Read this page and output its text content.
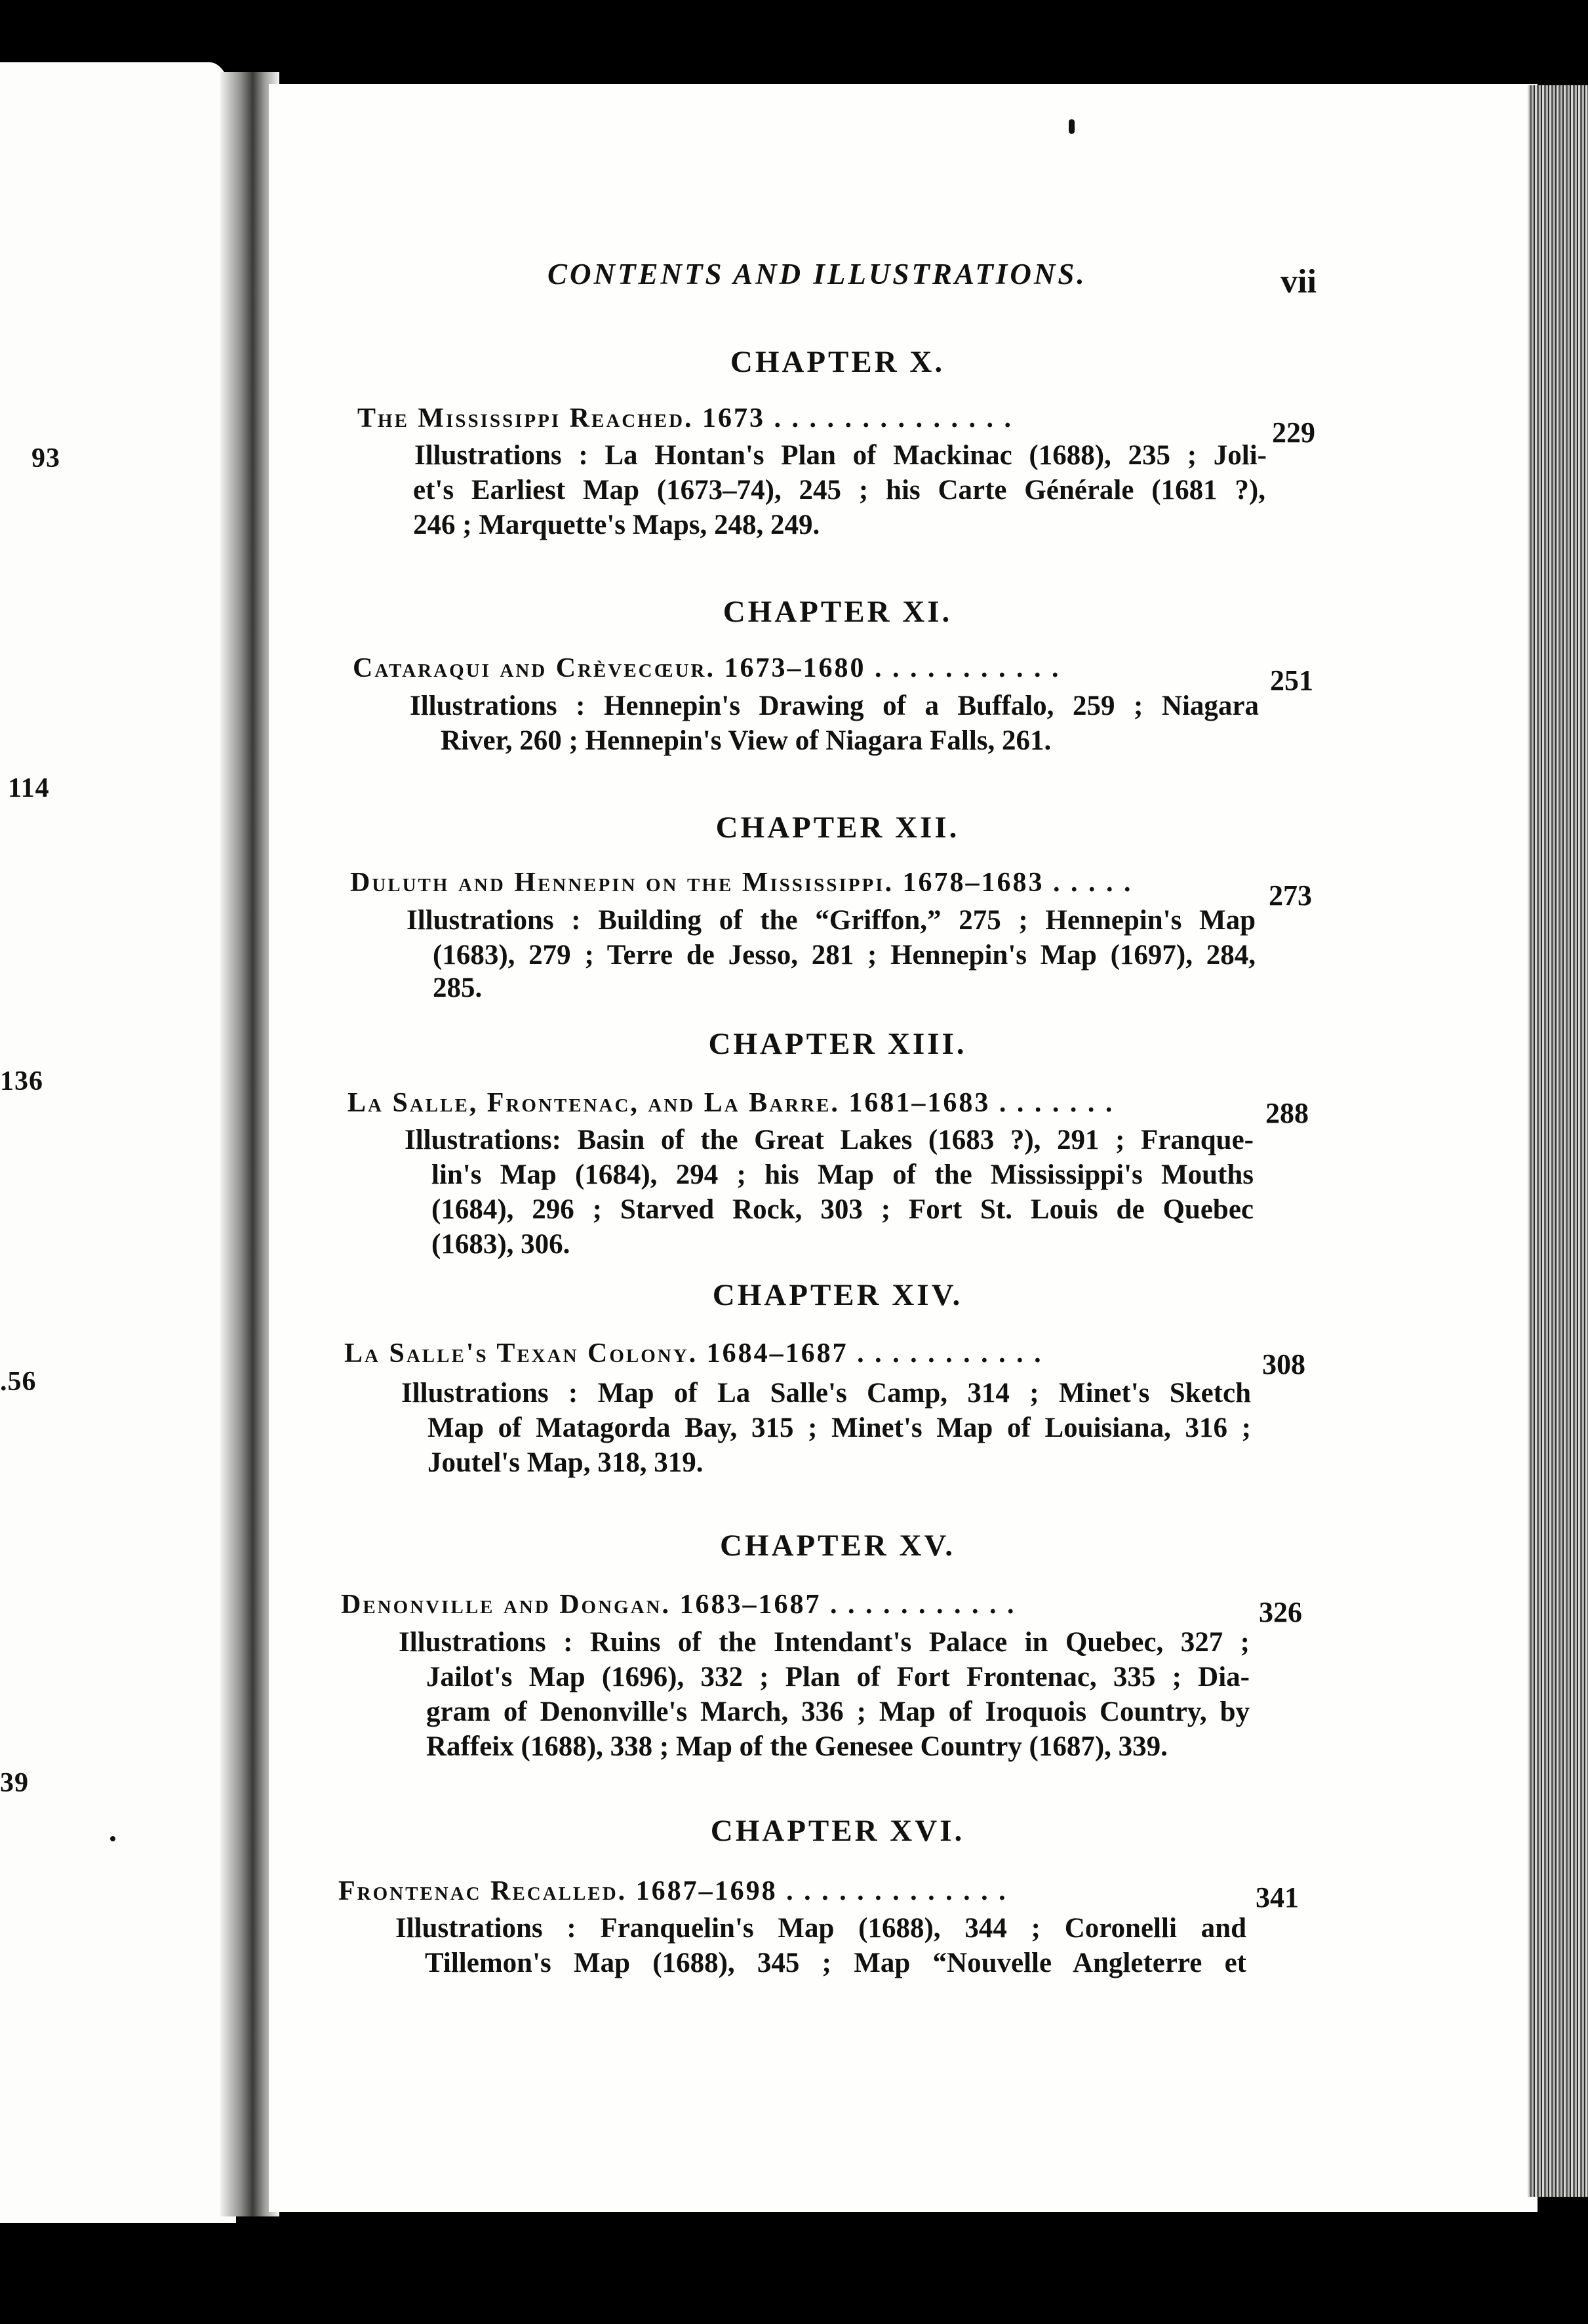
93
114
136
.56
39
CONTENTS AND ILLUSTRATIONS.	vii
CHAPTER X.
The Mississippi Reached. 1673 . . . . . . . . . . . . . .	229
Illustrations : La Hontan's Plan of Mackinac (1688), 235 ; Joli-
et's Earliest Map (1673–74), 245 ; his Carte Générale (1681 ?),
246 ; Marquette's Maps, 248, 249.
CHAPTER XI.
Cataraqui and Crèvecœur. 1673–1680 . . . . . . . . . . .	251
Illustrations : Hennepin's Drawing of a Buffalo, 259 ; Niagara
River, 260 ; Hennepin's View of Niagara Falls, 261.
CHAPTER XII.
Duluth and Hennepin on the Mississippi. 1678–1683 . . . . .	273
Illustrations : Building of the “Griffon,” 275 ; Hennepin's Map
(1683), 279 ; Terre de Jesso, 281 ; Hennepin's Map (1697), 284,
285.
CHAPTER XIII.
La Salle, Frontenac, and La Barre. 1681–1683 . . . . . . .	288
Illustrations: Basin of the Great Lakes (1683 ?), 291 ; Franque-
lin's Map (1684), 294 ; his Map of the Mississippi's Mouths
(1684), 296 ; Starved Rock, 303 ; Fort St. Louis de Quebec
(1683), 306.
CHAPTER XIV.
La Salle's Texan Colony. 1684–1687 . . . . . . . . . . .	308
Illustrations : Map of La Salle's Camp, 314 ; Minet's Sketch
Map of Matagorda Bay, 315 ; Minet's Map of Louisiana, 316 ;
Joutel's Map, 318, 319.
CHAPTER XV.
Denonville and Dongan. 1683–1687 . . . . . . . . . . .	326
Illustrations : Ruins of the Intendant's Palace in Quebec, 327 ;
Jailot's Map (1696), 332 ; Plan of Fort Frontenac, 335 ; Dia-
gram of Denonville's March, 336 ; Map of Iroquois Country, by
Raffeix (1688), 338 ; Map of the Genesee Country (1687), 339.
CHAPTER XVI.
Frontenac Recalled. 1687–1698 . . . . . . . . . . . . .	341
Illustrations : Franquelin's Map (1688), 344 ; Coronelli and
Tillemon's Map (1688), 345 ; Map “Nouvelle Angleterre et
